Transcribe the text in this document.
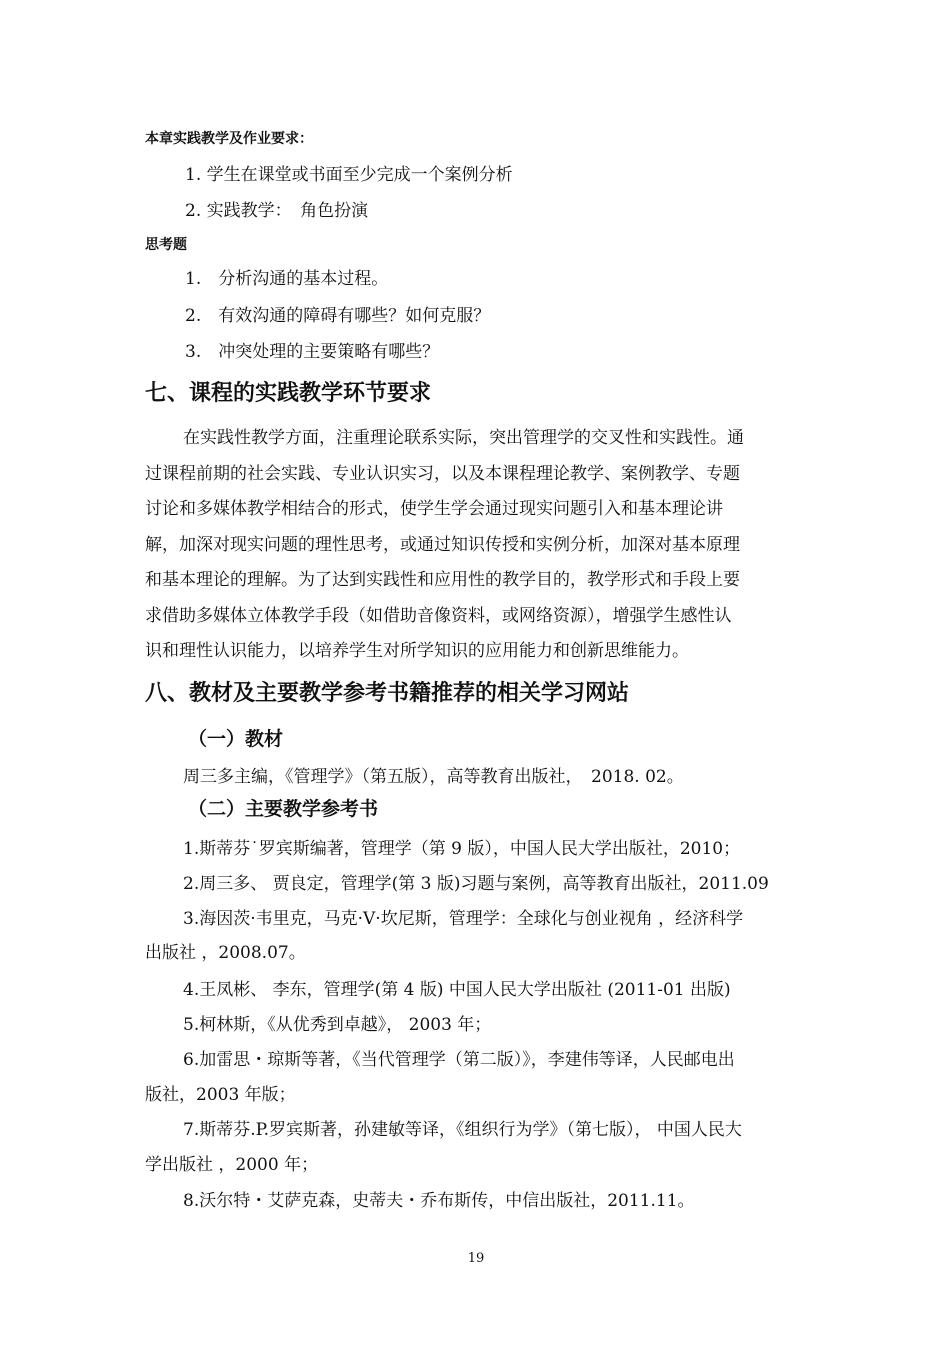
本章实践教学及作业要求：
1. 学生在课堂或书面至少完成一个案例分析
2. 实践教学：　角色扮演
思考题
1.　分析沟通的基本过程。
2.　有效沟通的障碍有哪些？如何克服？
3.　冲突处理的主要策略有哪些？
七、课程的实践教学环节要求

在实践性教学方面，注重理论联系实际，突出管理学的交叉性和实践性。通

过课程前期的社会实践、专业认识实习，以及本课程理论教学、案例教学、专题

讨论和多媒体教学相结合的形式，使学生学会通过现实问题引入和基本理论讲

解，加深对现实问题的理性思考，或通过知识传授和实例分析，加深对基本原理

和基本理论的理解。为了达到实践性和应用性的教学目的，教学形式和手段上要

求借助多媒体立体教学手段（如借助音像资料，或网络资源），增强学生感性认

识和理性认识能力，以培养学生对所学知识的应用能力和创新思维能力。

八、教材及主要教学参考书籍推荐的相关学习网站
（一）教材
周三多主编，《管理学》（第五版），高等教育出版社，　2018. 02。
（二）主要教学参考书
1.斯蒂芬˙罗宾斯编著，管理学（第 9 版），中国人民大学出版社，2010；
2.周三多、 贾良定，管理学(第 3 版)习题与案例，高等教育出版社，2011.09
3.海因茨·韦里克，马克·V·坎尼斯，管理学：全球化与创业视角 ，经济科学
出版社 ，2008.07。
4.王凤彬、 李东，管理学(第 4 版) 中国人民大学出版社 (2011-01 出版)
5.柯林斯，《从优秀到卓越》， 2003 年；
6.加雷思・琼斯等著，《当代管理学（第二版）》，李建伟等译，人民邮电出
版社，2003 年版；
7.斯蒂芬.P.罗宾斯著，孙建敏等译，《组织行为学》（第七版）， 中国人民大
学出版社 ，2000 年；
8.沃尔特・艾萨克森，史蒂夫・乔布斯传，中信出版社，2011.11。
19
